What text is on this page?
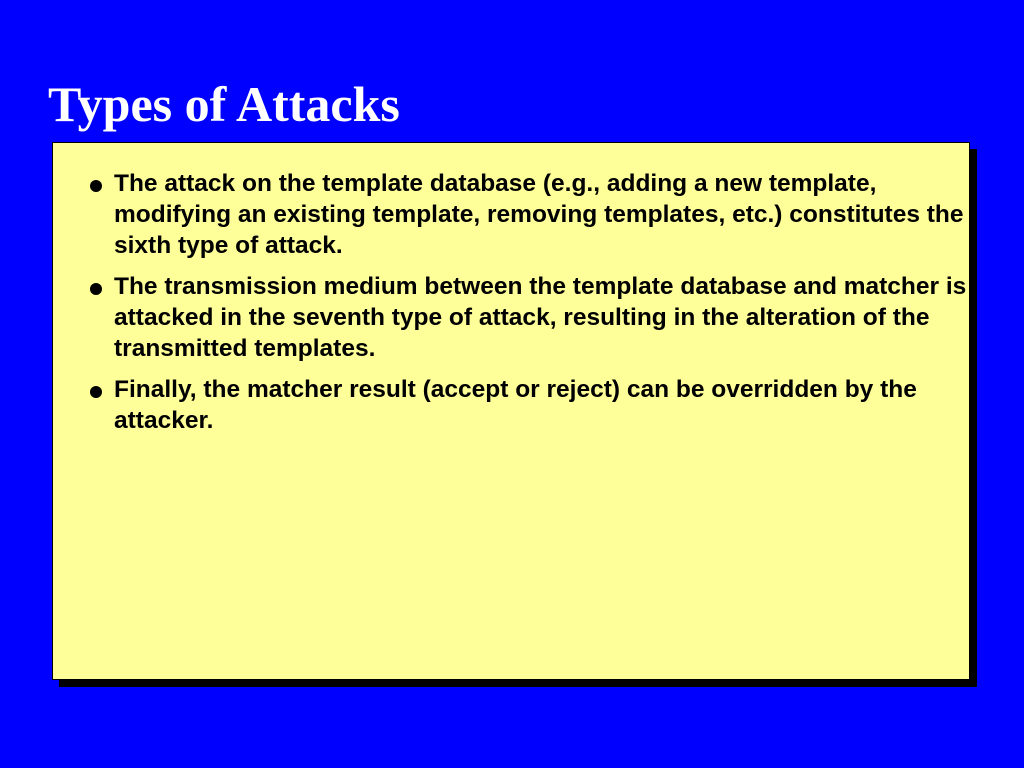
Types of Attacks
The attack on the template database (e.g., adding a new template, modifying an existing template, removing templates, etc.) constitutes the sixth type of attack.
The transmission medium between the template database and matcher is attacked in the seventh type of attack, resulting in the alteration of the transmitted templates.
Finally, the matcher result (accept or reject) can be overridden by the attacker.
